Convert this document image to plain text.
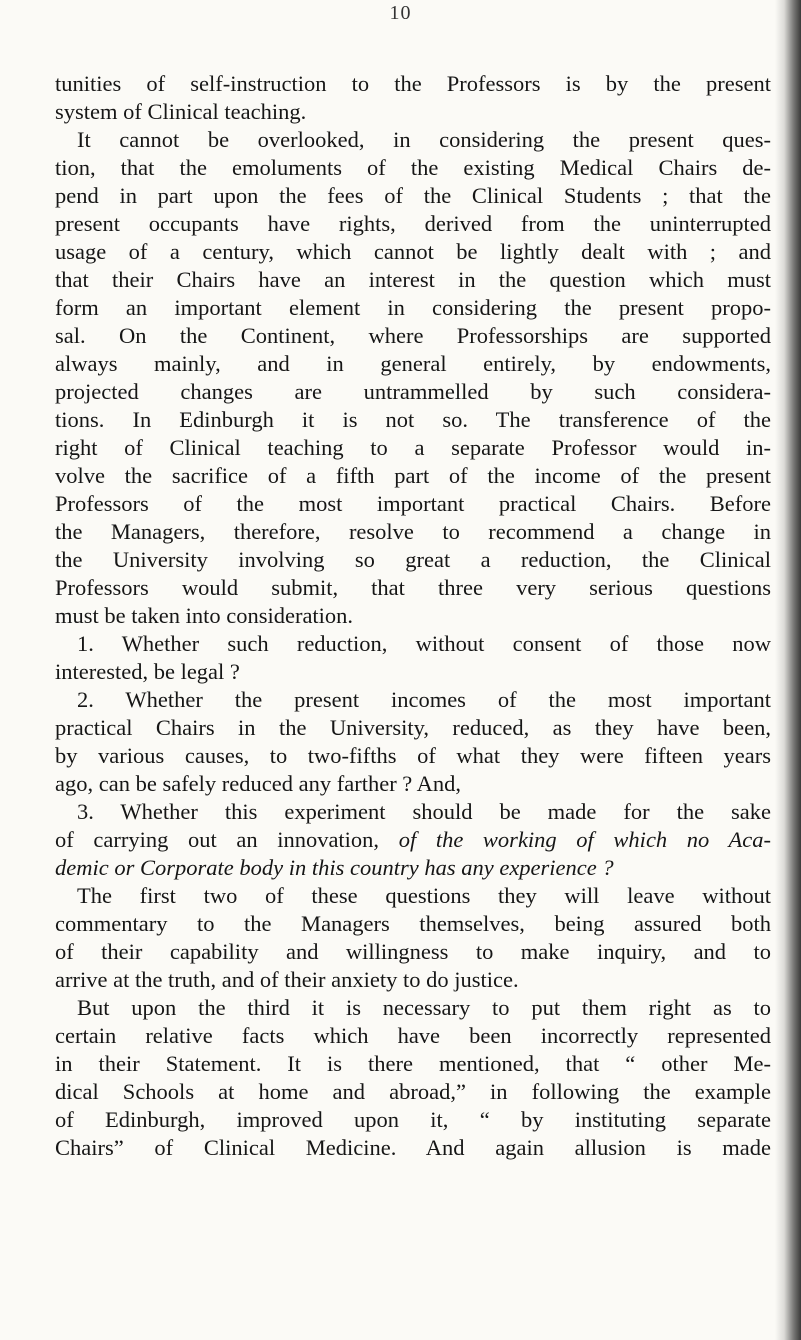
10
tunities of self-instruction to the Professors is by the present
system of Clinical teaching.
It cannot be overlooked, in considering the present ques-
tion, that the emoluments of the existing Medical Chairs de-
pend in part upon the fees of the Clinical Students ; that the
present occupants have rights, derived from the uninterrupted
usage of a century, which cannot be lightly dealt with ; and
that their Chairs have an interest in the question which must
form an important element in considering the present propo-
sal. On the Continent, where Professorships are supported
always mainly, and in general entirely, by endowments,
projected changes are untrammelled by such considera-
tions. In Edinburgh it is not so. The transference of the
right of Clinical teaching to a separate Professor would in-
volve the sacrifice of a fifth part of the income of the present
Professors of the most important practical Chairs. Before
the Managers, therefore, resolve to recommend a change in
the University involving so great a reduction, the Clinical
Professors would submit, that three very serious questions
must be taken into consideration.
1. Whether such reduction, without consent of those now
interested, be legal ?
2. Whether the present incomes of the most important
practical Chairs in the University, reduced, as they have been,
by various causes, to two-fifths of what they were fifteen years
ago, can be safely reduced any farther ? And,
3. Whether this experiment should be made for the sake
of carrying out an innovation, of the working of which no Aca-
demic or Corporate body in this country has any experience ?
The first two of these questions they will leave without
commentary to the Managers themselves, being assured both
of their capability and willingness to make inquiry, and to
arrive at the truth, and of their anxiety to do justice.
But upon the third it is necessary to put them right as to
certain relative facts which have been incorrectly represented
in their Statement. It is there mentioned, that “ other Me-
dical Schools at home and abroad,” in following the example
of Edinburgh, improved upon it, “ by instituting separate
Chairs” of Clinical Medicine. And again allusion is made
